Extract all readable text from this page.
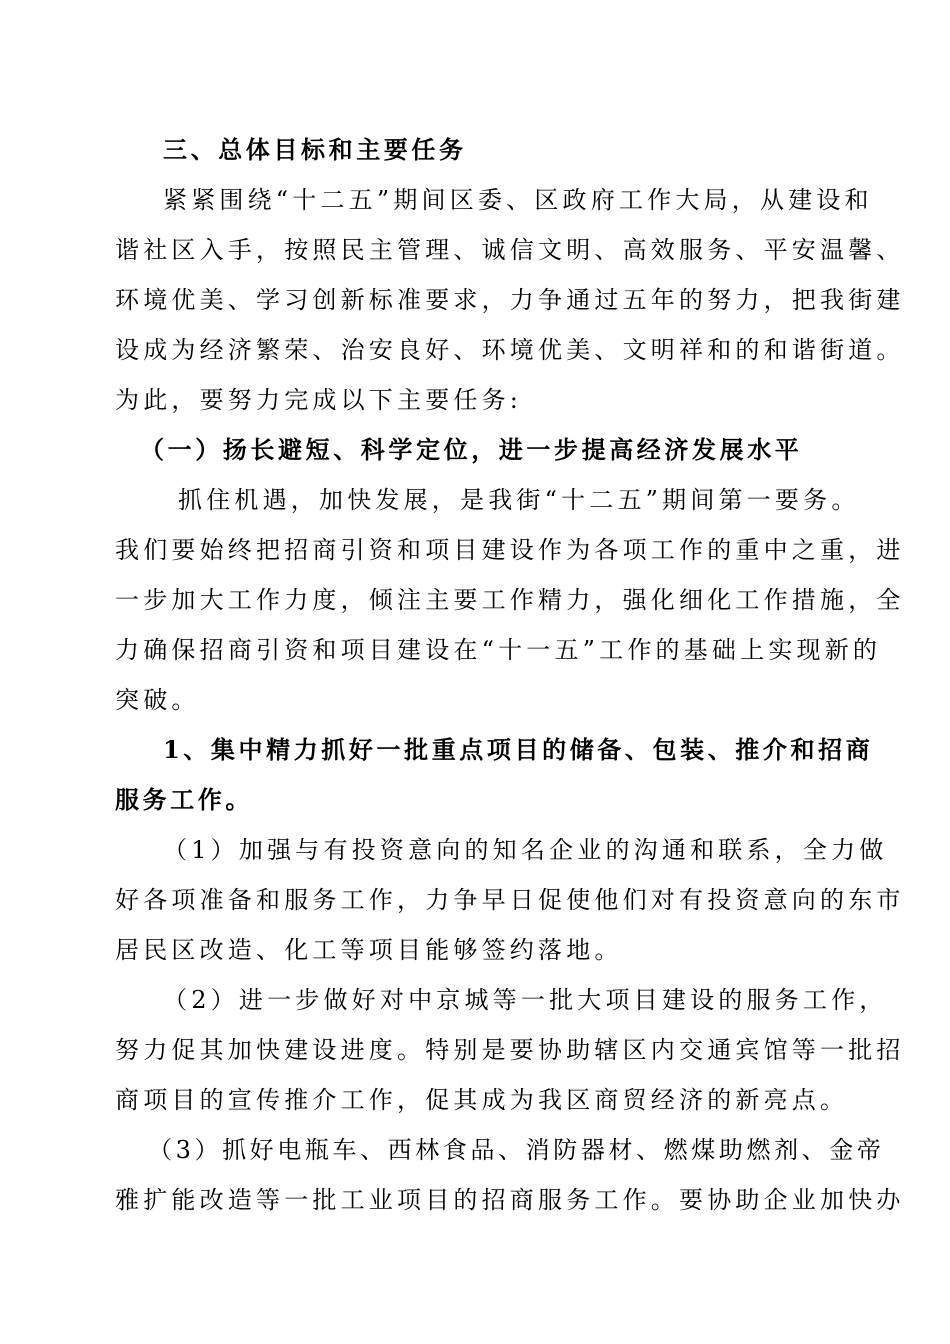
三、总体目标和主要任务
紧紧围绕“十二五”期间区委、区政府工作大局，从建设和
谐社区入手，按照民主管理、诚信文明、高效服务、平安温馨、
环境优美、学习创新标准要求，力争通过五年的努力，把我街建
设成为经济繁荣、治安良好、环境优美、文明祥和的和谐街道。
为此，要努力完成以下主要任务:
（一）扬长避短、科学定位，进一步提高经济发展水平
抓住机遇，加快发展，是我街“十二五”期间第一要务。
我们要始终把招商引资和项目建设作为各项工作的重中之重，进
一步加大工作力度，倾注主要工作精力，强化细化工作措施，全
力确保招商引资和项目建设在“十一五”工作的基础上实现新的
突破。
1、集中精力抓好一批重点项目的储备、包装、推介和招商
服务工作。
（1）加强与有投资意向的知名企业的沟通和联系，全力做
好各项准备和服务工作，力争早日促使他们对有投资意向的东市
居民区改造、化工等项目能够签约落地。
（2）进一步做好对中京城等一批大项目建设的服务工作，
努力促其加快建设进度。特别是要协助辖区内交通宾馆等一批招
商项目的宣传推介工作，促其成为我区商贸经济的新亮点。
（3）抓好电瓶车、西林食品、消防器材、燃煤助燃剂、金帝
雅扩能改造等一批工业项目的招商服务工作。要协助企业加快办
